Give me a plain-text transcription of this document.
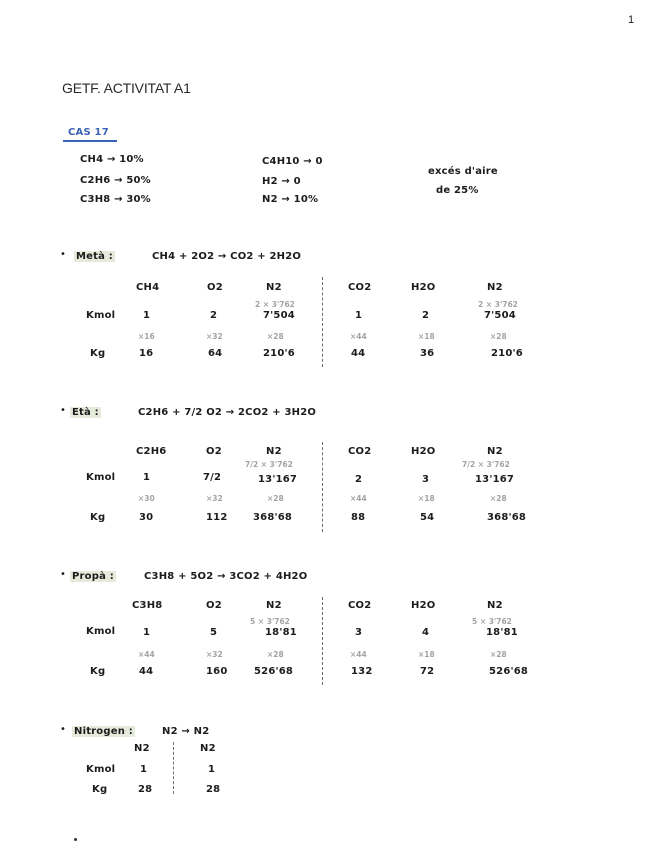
1
GETF. ACTIVITAT A1
CAS 17
CH4 → 10%
C2H6 → 50%
C3H8 → 30%
C4H10 → 0
H2 → 0
N2 → 10%
excés d'aire
de 25%
• Metà :	CH4 + 2O2 → CO2 + 2H2O
CH4	O2	N2	CO2	H2O	N2
2 × 3'762	2 × 3'762
Kmol	1	2	7'504	1	2	7'504
×16	×32	×28	×44	×18	×28
Kg	16	64	210'6	44	36	210'6
• Età :	C2H6 + 7/2 O2 → 2CO2 + 3H2O
C2H6	O2	N2	CO2	H2O	N2
7/2 × 3'762	7/2 × 3'762
Kmol	1	7/2	13'167	2	3	13'167
×30	×32	×28	×44	×18	×28
Kg	30	112	368'68	88	54	368'68
• Propà :	C3H8 + 5O2 → 3CO2 + 4H2O
C3H8	O2	N2	CO2	H2O	N2
5 × 3'762	5 × 3'762
Kmol	1	5	18'81	3	4	18'81
×44	×32	×28	×44	×18	×28
Kg	44	160	526'68	132	72	526'68
• Nitrogen :	N2 → N2
N2	N2
Kmol 1	1
Kg	28	28
